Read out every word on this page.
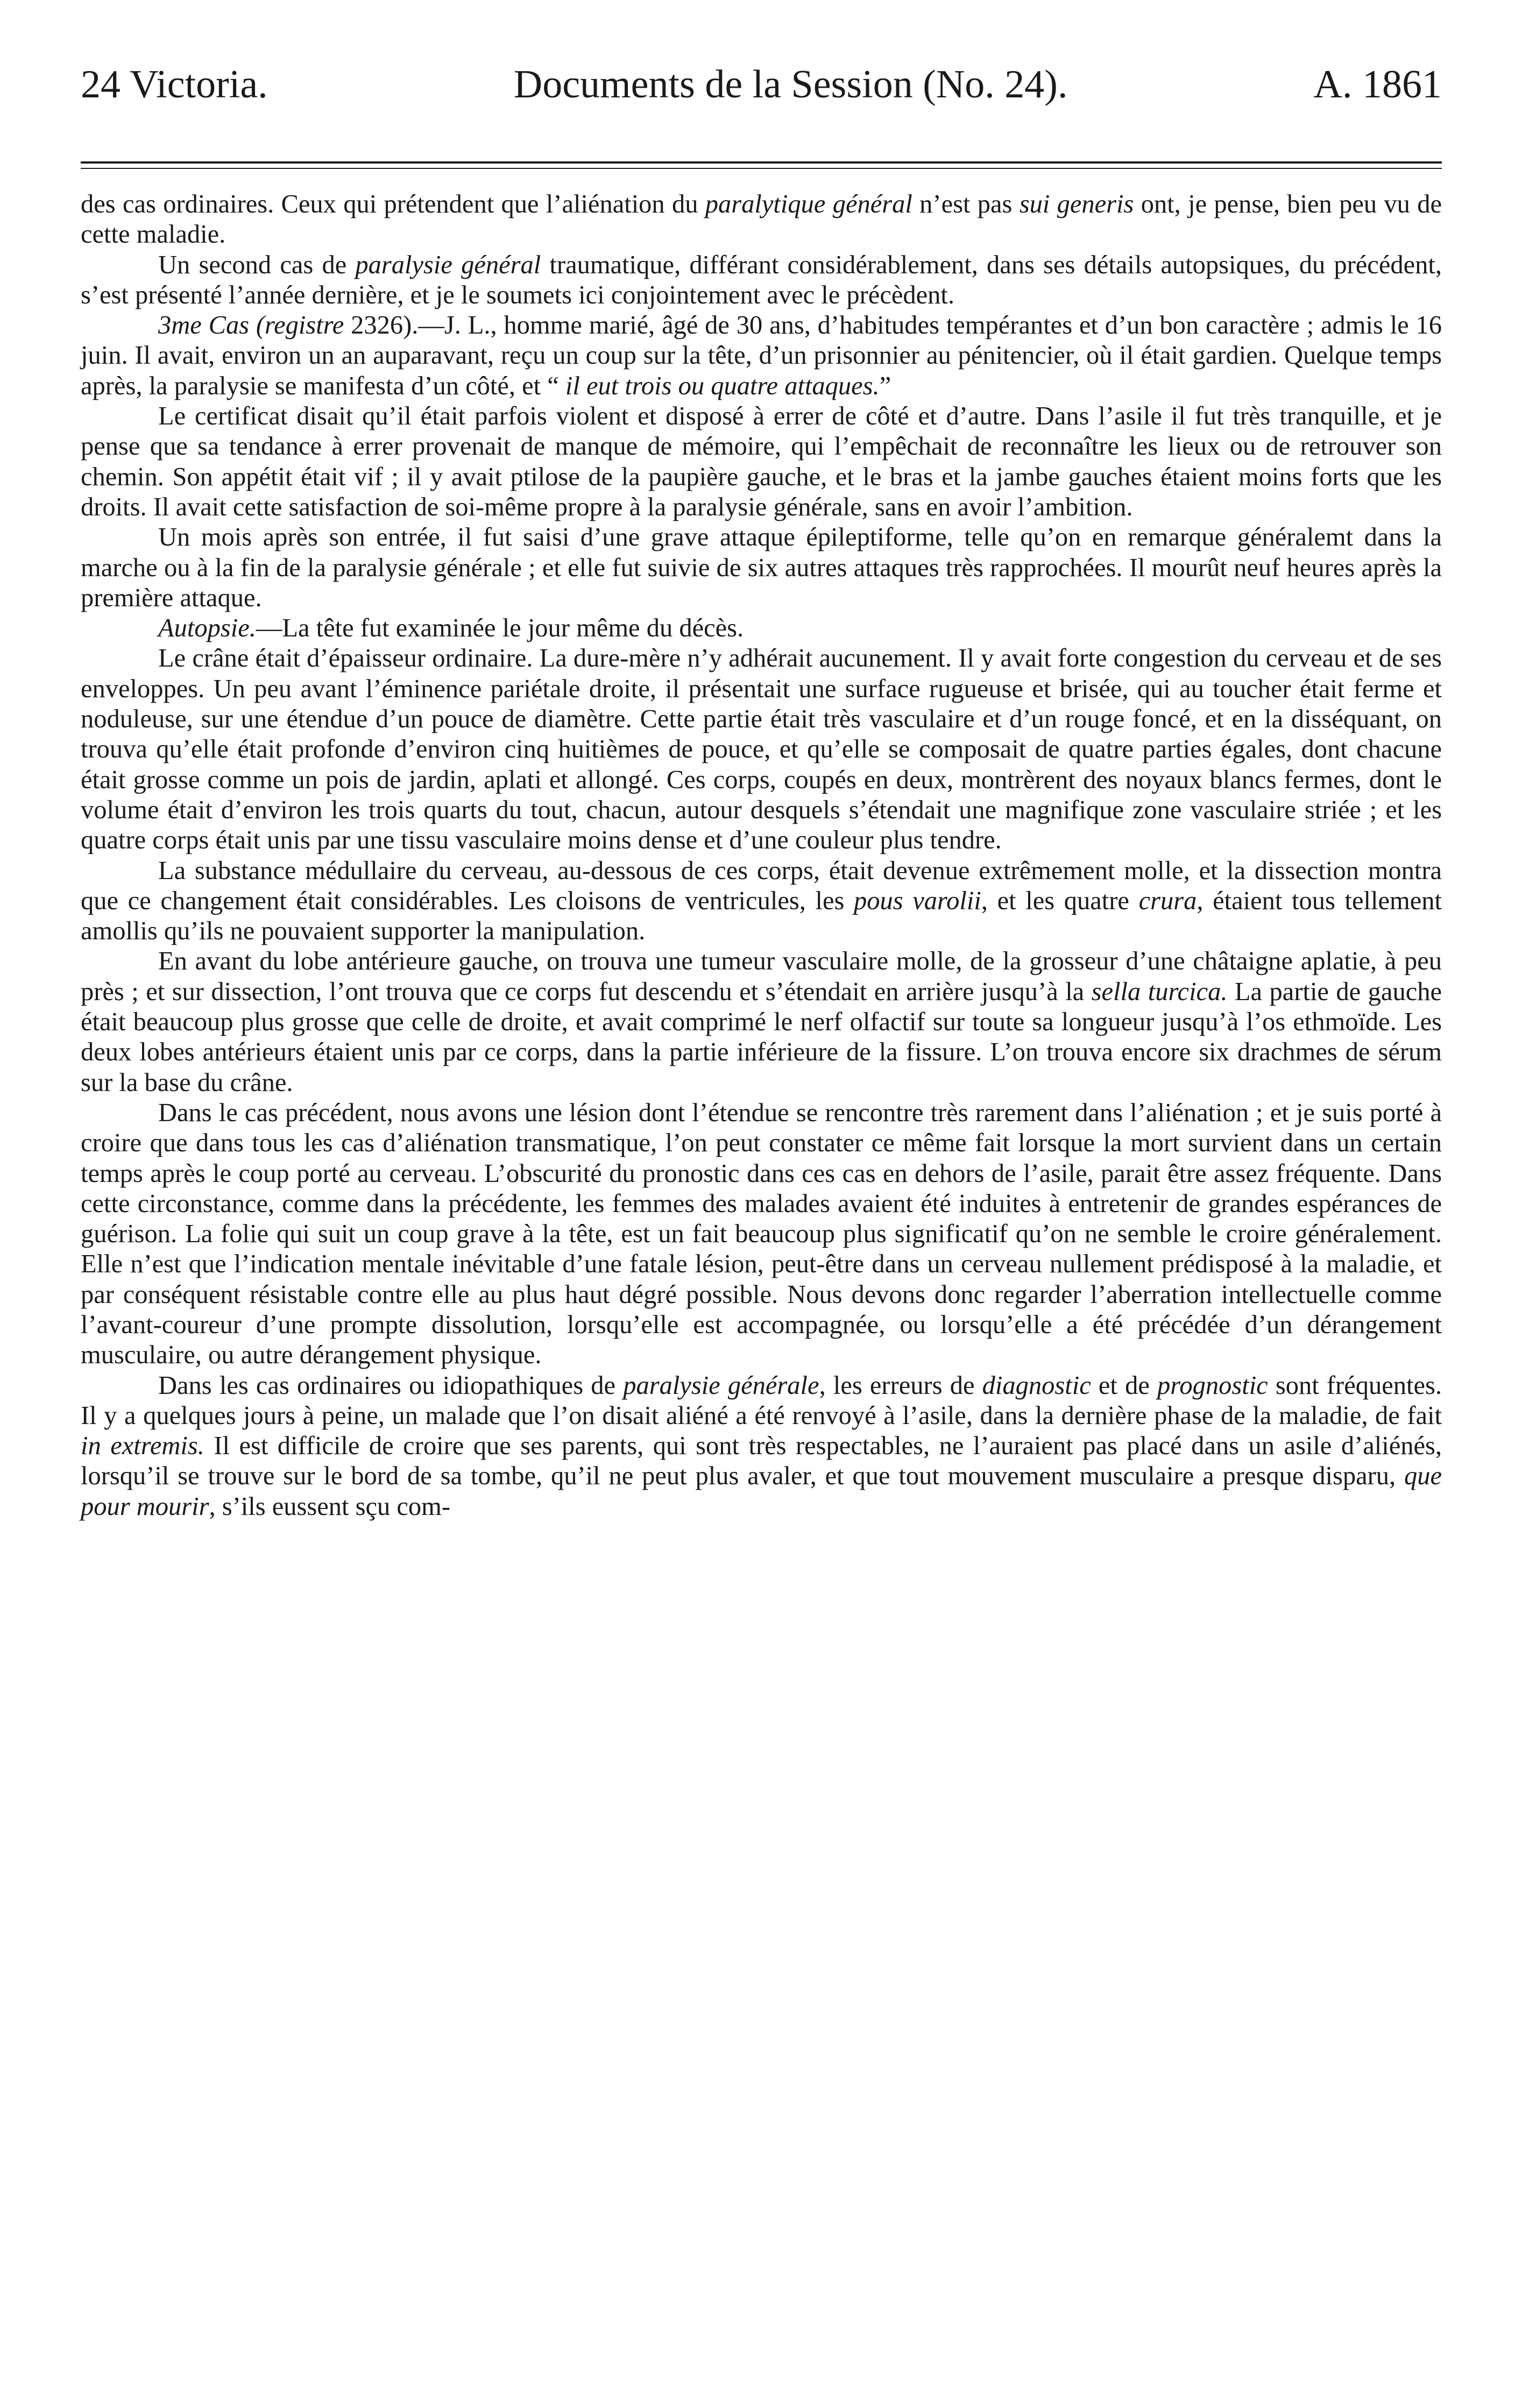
24 Victoria.	Documents de la Session (No. 24).	A. 1861

des cas ordinaires. Ceux qui prétendent que l’aliénation du paralytique général n’est pas sui generis ont, je pense, bien peu vu de cette maladie.

Un second cas de paralysie général traumatique, différant considérablement, dans ses détails autopsiques, du précédent, s’est présenté l’année dernière, et je le soumets ici conjointement avec le précèdent.

3me Cas (registre 2326).—J. L., homme marié, âgé de 30 ans, d’habitudes tempérantes et d’un bon caractère ; admis le 16 juin. Il avait, environ un an auparavant, reçu un coup sur la tête, d’un prisonnier au pénitencier, où il était gardien. Quelque temps après, la paralysie se manifesta d’un côté, et “ il eut trois ou quatre attaques.”

Le certificat disait qu’il était parfois violent et disposé à errer de côté et d’autre. Dans l’asile il fut très tranquille, et je pense que sa tendance à errer provenait de manque de mémoire, qui l’empêchait de reconnaître les lieux ou de retrouver son chemin. Son appétit était vif ; il y avait ptilose de la paupière gauche, et le bras et la jambe gauches étaient moins forts que les droits. Il avait cette satisfaction de soi-même propre à la paralysie générale, sans en avoir l’ambition.

Un mois après son entrée, il fut saisi d’une grave attaque épileptiforme, telle qu’on en remarque généralemt dans la marche ou à la fin de la paralysie générale ; et elle fut suivie de six autres attaques très rapprochées. Il mourût neuf heures après la première attaque.

Autopsie.—La tête fut examinée le jour même du décès.

Le crâne était d’épaisseur ordinaire. La dure-mère n’y adhérait aucunement. Il y avait forte congestion du cerveau et de ses enveloppes. Un peu avant l’éminence pariétale droite, il présentait une surface rugueuse et brisée, qui au toucher était ferme et noduleuse, sur une étendue d’un pouce de diamètre. Cette partie était très vasculaire et d’un rouge foncé, et en la disséquant, on trouva qu’elle était profonde d’environ cinq huitièmes de pouce, et qu’elle se composait de quatre parties égales, dont chacune était grosse comme un pois de jardin, aplati et allongé. Ces corps, coupés en deux, montrèrent des noyaux blancs fermes, dont le volume était d’environ les trois quarts du tout, chacun, autour desquels s’étendait une magnifique zone vasculaire striée ; et les quatre corps était unis par une tissu vasculaire moins dense et d’une couleur plus tendre.

La substance médullaire du cerveau, au-dessous de ces corps, était devenue extrêmement molle, et la dissection montra que ce changement était considérables. Les cloisons de ventricules, les pous varolii, et les quatre crura, étaient tous tellement amollis qu’ils ne pouvaient supporter la manipulation.

En avant du lobe antérieure gauche, on trouva une tumeur vasculaire molle, de la grosseur d’une châtaigne aplatie, à peu près ; et sur dissection, l’ont trouva que ce corps fut descendu et s’étendait en arrière jusqu’à la sella turcica. La partie de gauche était beaucoup plus grosse que celle de droite, et avait comprimé le nerf olfactif sur toute sa longueur jusqu’à l’os ethmoïde. Les deux lobes antérieurs étaient unis par ce corps, dans la partie inférieure de la fissure. L’on trouva encore six drachmes de sérum sur la base du crâne.

Dans le cas précédent, nous avons une lésion dont l’étendue se rencontre très rarement dans l’aliénation ; et je suis porté à croire que dans tous les cas d’aliénation transmatique, l’on peut constater ce même fait lorsque la mort survient dans un certain temps après le coup porté au cerveau. L’obscurité du pronostic dans ces cas en dehors de l’asile, parait être assez fréquente. Dans cette circonstance, comme dans la précédente, les femmes des malades avaient été induites à entretenir de grandes espérances de guérison. La folie qui suit un coup grave à la tête, est un fait beaucoup plus significatif qu’on ne semble le croire généralement. Elle n’est que l’indication mentale inévitable d’une fatale lésion, peut-être dans un cerveau nullement prédisposé à la maladie, et par conséquent résistable contre elle au plus haut dégré possible. Nous devons donc regarder l’aberration intellectuelle comme l’avant-coureur d’une prompte dissolution, lorsqu’elle est accompagnée, ou lorsqu’elle a été précédée d’un dérangement musculaire, ou autre dérangement physique.

Dans les cas ordinaires ou idiopathiques de paralysie générale, les erreurs de diagnostic et de prognostic sont fréquentes. Il y a quelques jours à peine, un malade que l’on disait aliéné a été renvoyé à l’asile, dans la dernière phase de la maladie, de fait in extremis. Il est difficile de croire que ses parents, qui sont très respectables, ne l’auraient pas placé dans un asile d’aliénés, lorsqu’il se trouve sur le bord de sa tombe, qu’il ne peut plus avaler, et que tout mouvement musculaire a presque disparu, que pour mourir, s’ils eussent sçu com-
